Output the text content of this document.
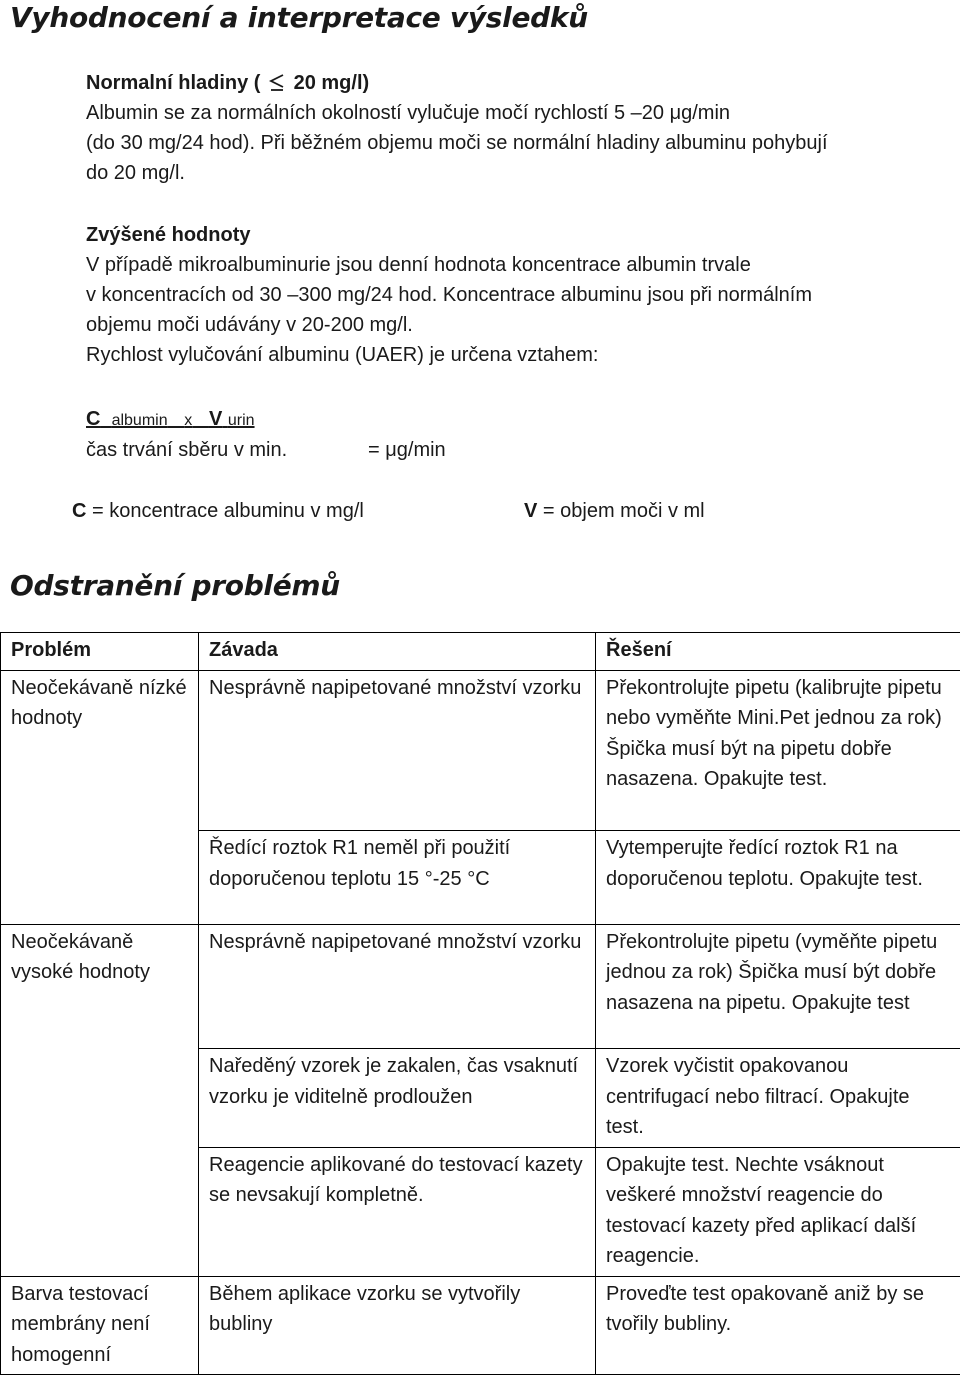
Vyhodnocení a interpretace výsledků
Normalní hladiny ( 20 mg/l)
Albumin se za normálních okolností vylučuje močí rychlostí 5 –20 μg/min
(do 30 mg/24 hod). Při běžném objemu moči se normální hladiny albuminu pohybují
do 20 mg/l.
Zvýšené hodnoty
V případě mikroalbuminurie jsou denní hodnota koncentrace albumin trvale
v koncentracích od 30 –300 mg/24 hod. Koncentrace albuminu jsou při normálním
objemu moči udávány v 20-200 mg/l.
Rychlost vylučování albuminu (UAER) je určena vztahem:
C albumin x V urin
čas trvání sběru v min.	= μg/min
C = koncentrace albuminu v mg/l	V = objem moči v ml
Odstranění problémů
Problém	Závada	Řešení
Neočekávaně nízké hodnoty	Nesprávně napipetované množství vzorku	Překontrolujte pipetu (kalibrujte pipetu nebo vyměňte Mini.Pet jednou za rok) Špička musí být na pipetu dobře nasazena. Opakujte test.
	Ředící roztok R1 neměl při použití doporučenou teplotu 15 °-25 °C	Vytemperujte ředící roztok R1 na doporučenou teplotu. Opakujte test.
Neočekávaně vysoké hodnoty	Nesprávně napipetované množství vzorku	Překontrolujte pipetu (vyměňte pipetu jednou za rok) Špička musí být dobře nasazena na pipetu. Opakujte test
	Naředěný vzorek je zakalen, čas vsaknutí vzorku je viditelně prodloužen	Vzorek vyčistit opakovanou centrifugací nebo filtrací. Opakujte test.
	Reagencie aplikované do testovací kazety se nevsakují kompletně.	Opakujte test. Nechte vsáknout veškeré množství reagencie do testovací kazety před aplikací další reagencie.
Barva testovací membrány není homogenní	Během aplikace vzorku se vytvořily bubliny	Proveďte test opakovaně aniž by se tvořily bubliny.
